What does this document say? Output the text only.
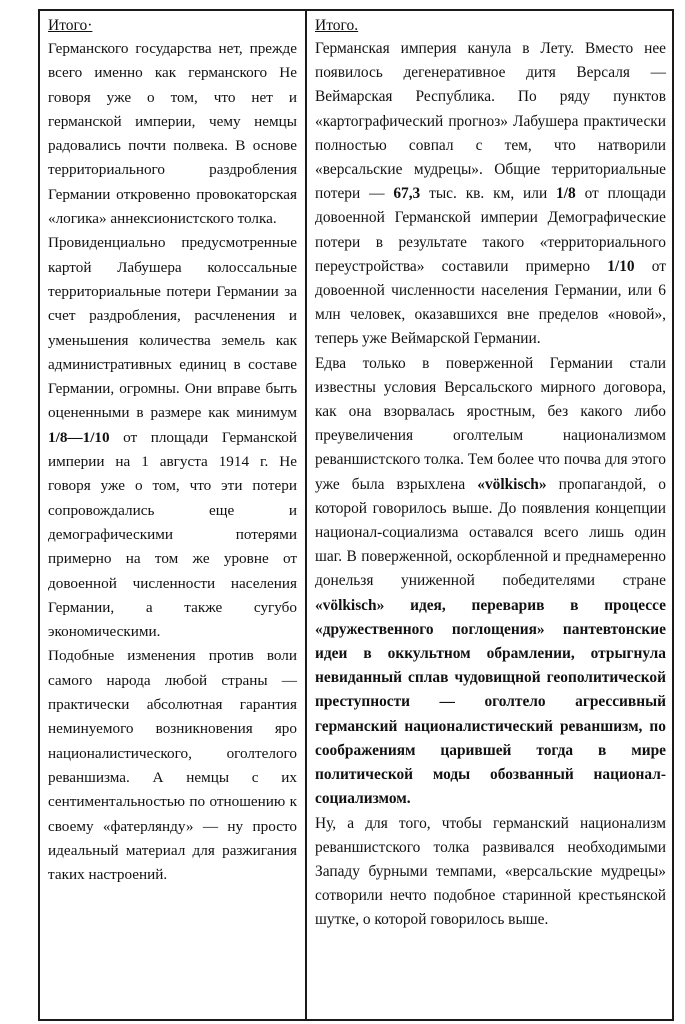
Итого·

Германского государства нет, прежде всего именно как германского Не говоря уже о том, что нет и германской империи, чему немцы радовались почти полвека. В основе территориального раздробления Германии откровенно провокаторская «логика» аннексионистского толка.

Провиденциально предусмотренные картой Лабушера колоссальные территориальные потери Германии за счет раздробления, расчленения и уменьшения количества земель как административных единиц в составе Германии, огромны. Они вправе быть оцененными в размере как минимум 1/8—1/10 от площади Германской империи на 1 августа 1914 г. Не говоря уже о том, что эти потери сопровождались еще и демографическими потерями примерно на том же уровне от довоенной численности населения Германии, а также сугубо экономическими.

Подобные изменения против воли самого народа любой страны — практически абсолютная гарантия неминуемого возникновения яро националистического, оголтелого реваншизма. А немцы с их сентиментальностью по отношению к своему «фатерлянду» — ну просто идеальный материал для разжигания таких настроений.

Итого.

Германская империя канула в Лету. Вместо нее появилось дегенеративное дитя Версаля — Веймарская Республика. По ряду пунктов «картографический прогноз» Лабушера практически полностью совпал с тем, что натворили «версальские мудрецы». Общие территориальные потери — 67,3 тыс. кв. км, или 1/8 от площади довоенной Германской империи Демографические потери в результате такого «территориального переустройства» составили примерно 1/10 от довоенной численности населения Германии, или 6 млн человек, оказавшихся вне пределов «новой», теперь уже Веймарской Германии.

Едва только в поверженной Германии стали известны условия Версальского мирного договора, как она взорвалась яростным, без какого либо преувеличения оголтелым национализмом реваншистского толка. Тем более что почва для этого уже была взрыхлена «völkisch» пропагандой, о которой говорилось выше. До появления концепции национал-социализма оставался всего лишь один шаг. В поверженной, оскорбленной и преднамеренно донельзя униженной победителями стране «völkisch» идея, переварив в процессе «дружественного поглощения» пантевтонские идеи в оккультном обрамлении, отрыгнула невиданный сплав чудовищной геополитической преступности — оголтело агрессивный германский националистический реваншизм, по соображениям царившей тогда в мире политической моды обозванный национал-социализмом.

Ну, а для того, чтобы германский национализм реваншистского толка развивался необходимыми Западу бурными темпами, «версальские мудрецы» сотворили нечто подобное старинной крестьянской шутке, о которой говорилось выше.
